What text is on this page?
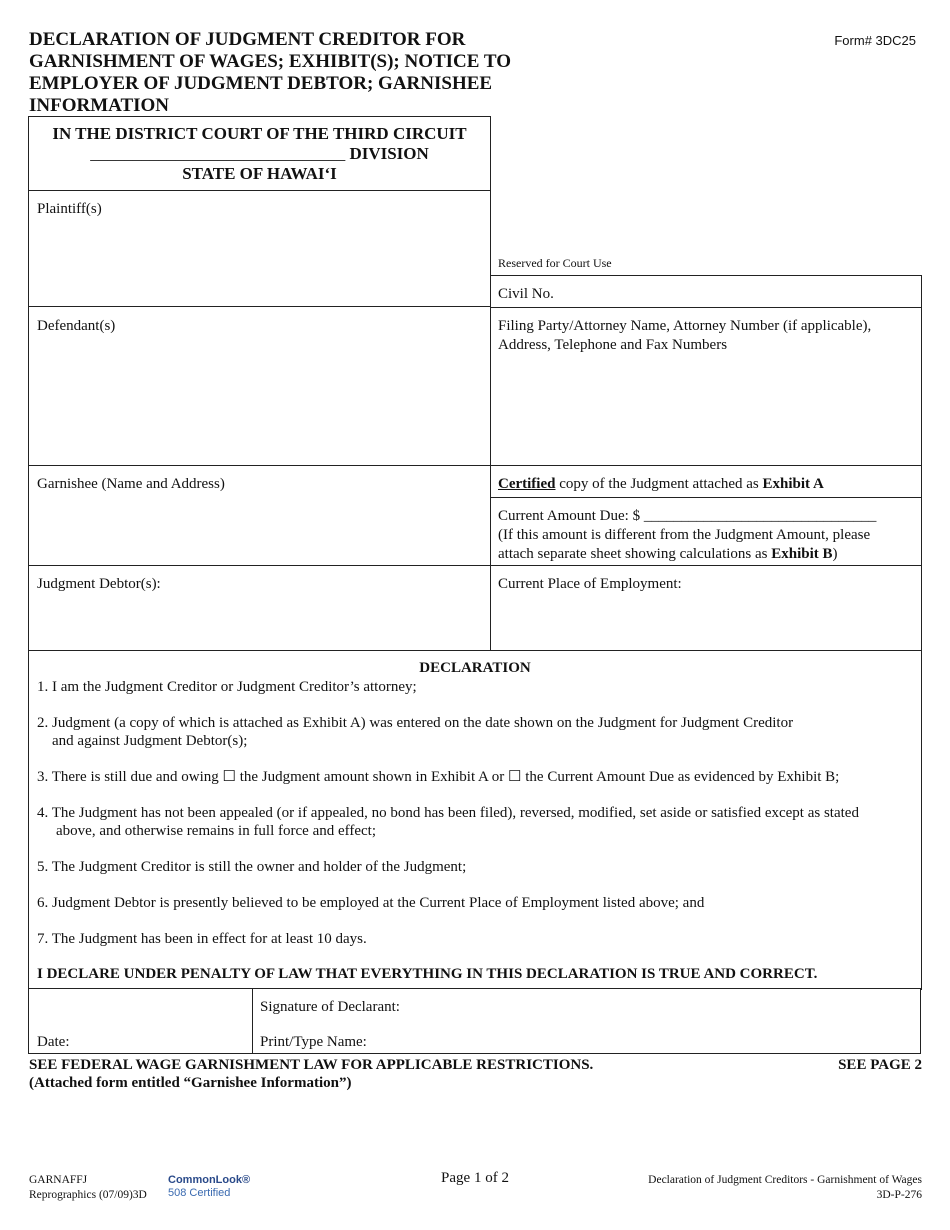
DECLARATION OF JUDGMENT CREDITOR FOR
GARNISHMENT OF WAGES; EXHIBIT(S); NOTICE TO
EMPLOYER OF JUDGMENT DEBTOR; GARNISHEE
INFORMATION
Form# 3DC25
IN THE DISTRICT COURT OF THE THIRD CIRCUIT
______________________________ DIVISION
STATE OF HAWAI‘I
Plaintiff(s)
Reserved for Court Use
Civil No.
Defendant(s)	Filing Party/Attorney Name, Attorney Number (if applicable),
Address, Telephone and Fax Numbers
Garnishee (Name and Address)	Certified copy of the Judgment attached as Exhibit A
Current Amount Due: $ _______________________________
(If this amount is different from the Judgment Amount, please
attach separate sheet showing calculations as Exhibit B)
Judgment Debtor(s):	Current Place of Employment:
DECLARATION
1. I am the Judgment Creditor or Judgment Creditor’s attorney;
2. Judgment (a copy of which is attached as Exhibit A) was entered on the date shown on the Judgment for Judgment Creditor
and against Judgment Debtor(s);
3. There is still due and owing ☐ the Judgment amount shown in Exhibit A or ☐ the Current Amount Due as evidenced by Exhibit B;
4. The Judgment has not been appealed (or if appealed, no bond has been filed), reversed, modified, set aside or satisfied except as stated
above, and otherwise remains in full force and effect;
5. The Judgment Creditor is still the owner and holder of the Judgment;
6. Judgment Debtor is presently believed to be employed at the Current Place of Employment listed above; and
7. The Judgment has been in effect for at least 10 days.
I DECLARE UNDER PENALTY OF LAW THAT EVERYTHING IN THIS DECLARATION IS TRUE AND CORRECT.
Date:
Signature of Declarant:
Print/Type Name:
SEE FEDERAL WAGE GARNISHMENT LAW FOR APPLICABLE RESTRICTIONS.	SEE PAGE 2
(Attached form entitled “Garnishee Information”)
GARNAFFJ
Reprographics (07/09)3D
CommonLook®
508 Certified
Page 1 of 2	Declaration of Judgment Creditors - Garnishment of Wages
3D-P-276
